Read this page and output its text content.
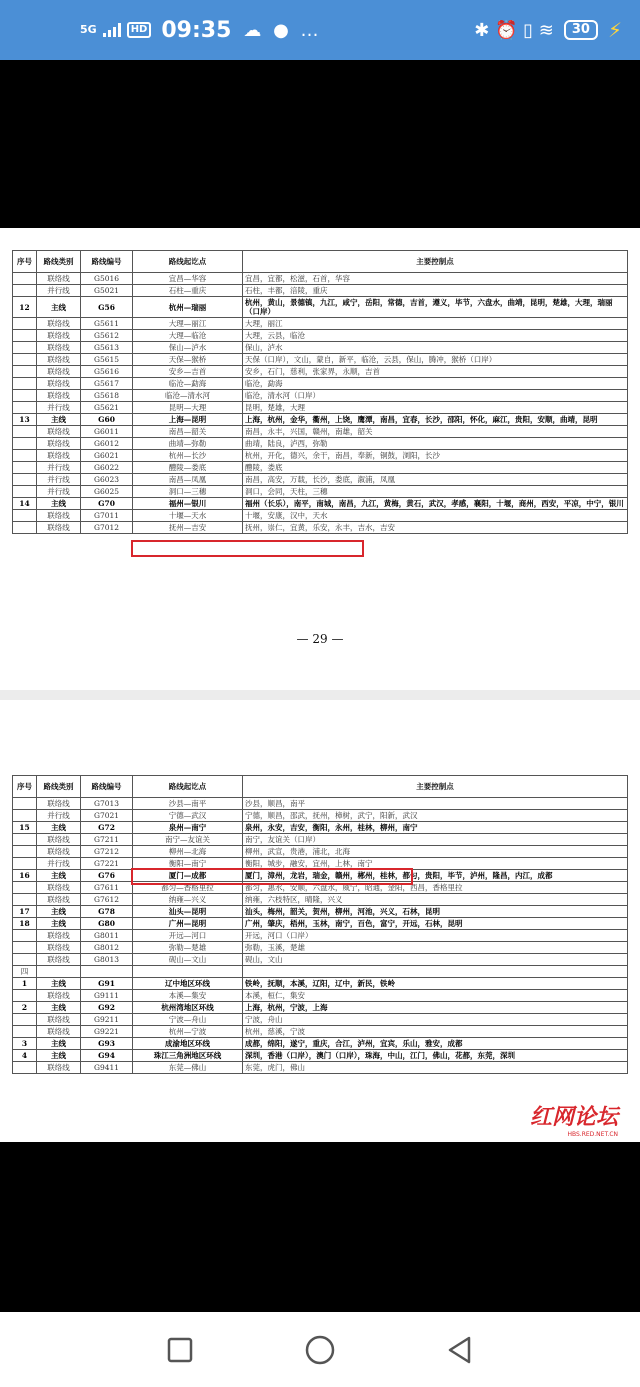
5G	HD 09:35 ☁ ● …	✱ ⏰ ▯ ≋	30 ⚡
序号	路线类别	路线编号	路线起讫点	主要控制点
	联络线	G5016	宜昌—华容	宜昌，宜都，松滋，石首，华容
	并行线	G5021	石柱—重庆	石柱，丰都，涪陵，重庆
12	主线	G56	杭州—瑞丽	杭州，黄山，景德镇，九江，咸宁，岳阳，常德，吉首，遵义，毕节，六盘水，曲靖，昆明，楚雄，大理，瑞丽（口岸）
	联络线	G5611	大理—丽江	大理，丽江
	联络线	G5612	大理—临沧	大理，云县，临沧
	联络线	G5613	保山—泸水	保山，泸水
	联络线	G5615	天保—猴桥	天保（口岸），文山，蒙自，新平，临沧，云县，保山，腾冲，猴桥（口岸）
	联络线	G5616	安乡—吉首	安乡，石门，慈利，张家界，永顺，吉首
	联络线	G5617	临沧—勐海	临沧，勐海
	联络线	G5618	临沧—清水河	临沧，清水河（口岸）
	并行线	G5621	昆明—大理	昆明，楚雄，大理
13	主线	G60	上海—昆明	上海，杭州，金华，衢州，上饶，鹰潭，南昌，宜春，长沙，邵阳，怀化，麻江，贵阳，安顺，曲靖，昆明
	联络线	G6011	南昌—韶关	南昌，永丰，兴国，赣州，南雄，韶关
	联络线	G6012	曲靖—弥勒	曲靖，陆良，泸西，弥勒
	联络线	G6021	杭州—长沙	杭州，开化，德兴，余干，南昌，奉新，铜鼓，浏阳，长沙
	并行线	G6022	醴陵—娄底	醴陵，娄底
	并行线	G6023	南昌—凤凰	南昌，高安，万载，长沙，娄底，溆浦，凤凰
	并行线	G6025	洞口—三穗	洞口，会同，天柱，三穗
14	主线	G70	福州—银川	福州（长乐），南平，南城，南昌，九江，黄梅，黄石，武汉，孝感，襄阳，十堰，商州，西安，平凉，中宁，银川
	联络线	G7011	十堰—天水	十堰，安康，汉中，天水
	联络线	G7012	抚州—吉安	抚州，崇仁，宜黄，乐安，永丰，吉水，吉安
— 29 —
序号	路线类别	路线编号	路线起讫点	主要控制点
	联络线	G7013	沙县—南平	沙县，顺昌，南平
	并行线	G7021	宁德—武汉	宁德，顺昌，邵武，抚州，樟树，武宁，阳新，武汉
15	主线	G72	泉州—南宁	泉州，永安，吉安，衡阳，永州，桂林，柳州，南宁
	联络线	G7211	南宁—友谊关	南宁，友谊关（口岸）
	联络线	G7212	柳州—北海	柳州，武宣，贵港，浦北，北海
	并行线	G7221	衡阳—南宁	衡阳，城步，融安，宜州，上林，南宁
16	主线	G76	厦门—成都	厦门，漳州，龙岩，瑞金，赣州，郴州，桂林，都匀，贵阳，毕节，泸州，隆昌，内江，成都
	联络线	G7611	都匀—香格里拉	都匀，惠水，安顺，六盘水，威宁，昭通，金阳，西昌，香格里拉
	联络线	G7612	纳雍—兴义	纳雍，六枝特区，晴隆，兴义
17	主线	G78	汕头—昆明	汕头，梅州，韶关，贺州，柳州，河池，兴义，石林，昆明
18	主线	G80	广州—昆明	广州，肇庆，梧州，玉林，南宁，百色，富宁，开远，石林，昆明
	联络线	G8011	开远—河口	开远，河口（口岸）
	联络线	G8012	弥勒—楚雄	弥勒，玉溪，楚雄
	联络线	G8013	砚山—文山	砚山，文山
四				
1	主线	G91	辽中地区环线	铁岭，抚顺，本溪，辽阳，辽中，新民，铁岭
	联络线	G9111	本溪—集安	本溪，桓仁，集安
2	主线	G92	杭州湾地区环线	上海，杭州，宁波，上海
	联络线	G9211	宁波—舟山	宁波，舟山
	联络线	G9221	杭州—宁波	杭州，慈溪，宁波
3	主线	G93	成渝地区环线	成都，绵阳，遂宁，重庆，合江，泸州，宜宾，乐山，雅安，成都
4	主线	G94	珠江三角洲地区环线	深圳，香港（口岸），澳门（口岸），珠海，中山，江门，佛山，花都，东莞，深圳
	联络线	G9411	东莞—佛山	东莞，虎门，佛山
红网论坛
HBS.RED.NET.CN
